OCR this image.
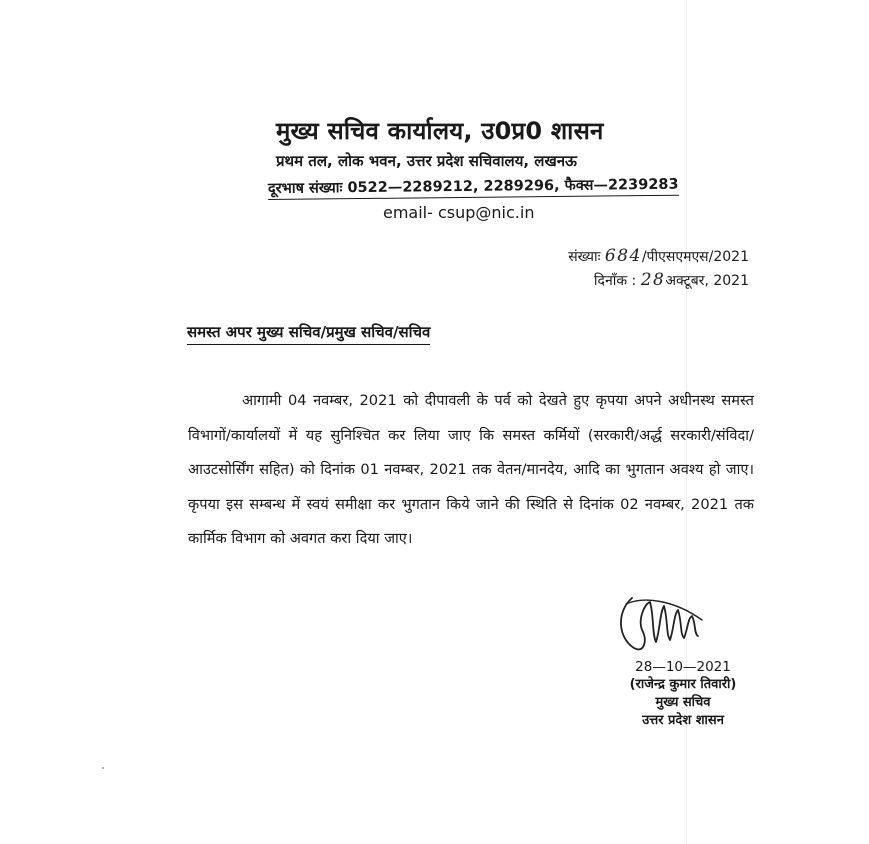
मुख्य सचिव कार्यालय, उ0प्र0 शासन
प्रथम तल, लोक भवन, उत्तर प्रदेश सचिवालय, लखनऊ
दूरभाष संख्याः 0522—2289212, 2289296, फैक्स—2239283
email- csup@nic.in
संख्याः 684/पीएसएमएस/2021
दिनाँक : 28अक्टूबर, 2021
समस्त अपर मुख्य सचिव/प्रमुख सचिव/सचिव

आगामी 04 नवम्बर, 2021 को दीपावली के पर्व को देखते हुए कृपया अपने अधीनस्थ समस्त विभागों/कार्यालयों में यह सुनिश्चित कर लिया जाए कि समस्त कर्मियों (सरकारी/अर्द्ध सरकारी/संविदा/आउटसोर्सिंग सहित) को दिनांक 01 नवम्बर, 2021 तक वेतन/मानदेय, आदि का भुगतान अवश्य हो जाए। कृपया इस सम्बन्ध में स्वयं समीक्षा कर भुगतान किये जाने की स्थिति से दिनांक 02 नवम्बर, 2021 तक कार्मिक विभाग को अवगत करा दिया जाए।

28—10—2021
(राजेन्द्र कुमार तिवारी)
मुख्य सचिव
उत्तर प्रदेश शासन
